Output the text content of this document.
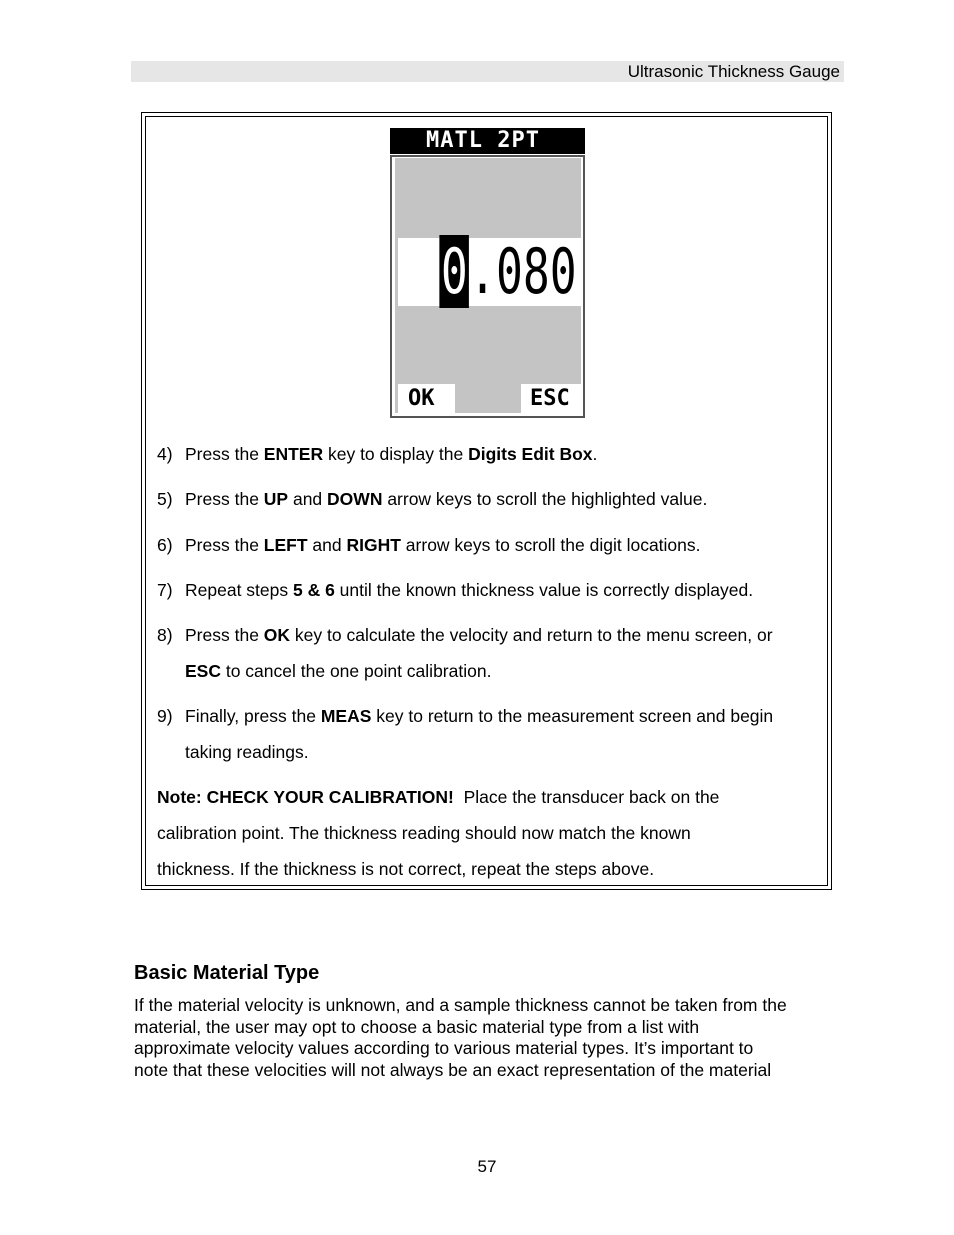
Ultrasonic Thickness Gauge
MATL 2PT
0.080
OK	ESC
4) Press the ENTER key to display the Digits Edit Box.
5) Press the UP and DOWN arrow keys to scroll the highlighted value.
6) Press the LEFT and RIGHT arrow keys to scroll the digit locations.
7) Repeat steps 5 & 6 until the known thickness value is correctly displayed.
8) Press the OK key to calculate the velocity and return to the menu screen, or
ESC to cancel the one point calibration.
9) Finally, press the MEAS key to return to the measurement screen and begin
taking readings.
Note: CHECK YOUR CALIBRATION!  Place the transducer back on the
calibration point. The thickness reading should now match the known
thickness. If the thickness is not correct, repeat the steps above.
Basic Material Type
If the material velocity is unknown, and a sample thickness cannot be taken from the
material, the user may opt to choose a basic material type from a list with
approximate velocity values according to various material types. It’s important to
note that these velocities will not always be an exact representation of the material
57
